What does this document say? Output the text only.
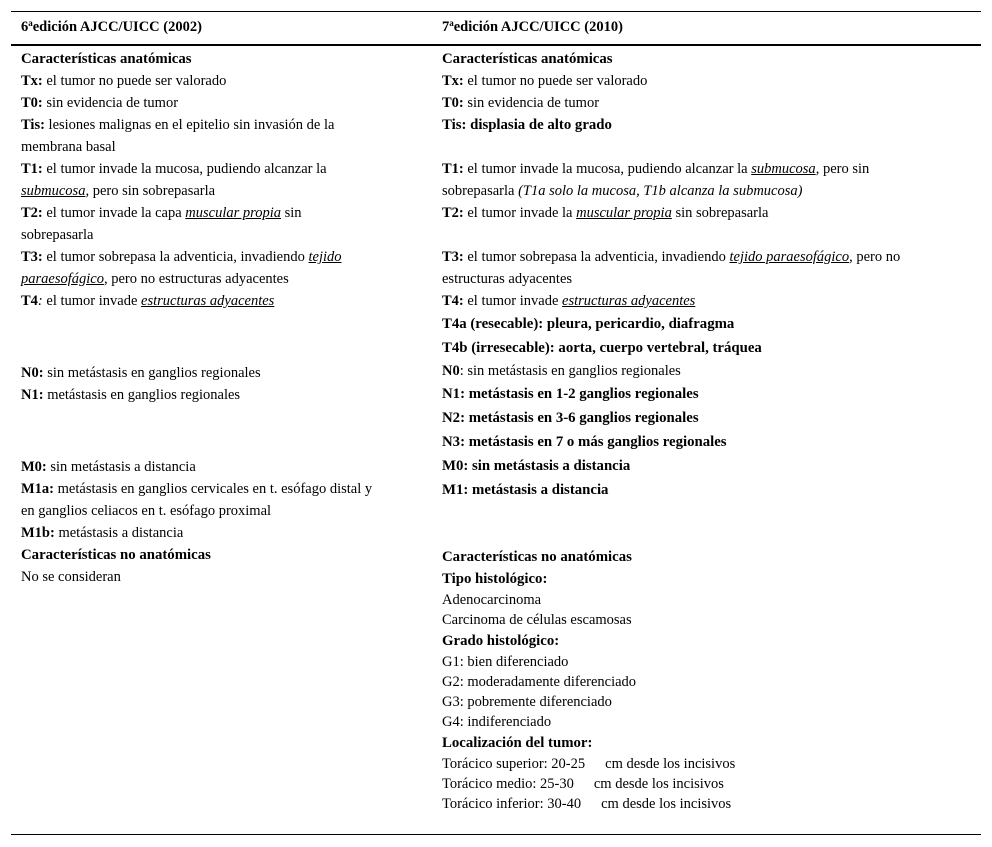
6$^a$edición AJCC/UICC (2002)	7$^a$edición AJCC/UICC (2010)
Características anatómicas
Tx: el tumor no puede ser valorado
T0: sin evidencia de tumor
Tis: lesiones malignas en el epitelio sin invasión de la
membrana basal
T1: el tumor invade la mucosa, pudiendo alcanzar la
submucosa, pero sin sobrepasarla
T2: el tumor invade la capa muscular propia sin
sobrepasarla
T3: el tumor sobrepasa la adventicia, invadiendo tejido
paraesofágico, pero no estructuras adyacentes
T4: el tumor invade estructuras adyacentes
N0: sin metástasis en ganglios regionales
N1: metástasis en ganglios regionales
M0: sin metástasis a distancia
M1a: metástasis en ganglios cervicales en t. esófago distal y
en ganglios celiacos en t. esófago proximal
M1b: metástasis a distancia
Características no anatómicas
No se consideran
Características anatómicas
Tx: el tumor no puede ser valorado
T0: sin evidencia de tumor
Tis: displasia de alto grado
T1: el tumor invade la mucosa, pudiendo alcanzar la submucosa, pero sin
sobrepasarla (T1a solo la mucosa, T1b alcanza la submucosa)
T2: el tumor invade la muscular propia sin sobrepasarla
T3: el tumor sobrepasa la adventicia, invadiendo tejido paraesofágico, pero no
estructuras adyacentes
T4: el tumor invade estructuras adyacentes
T4a (resecable): pleura, pericardio, diafragma
T4b (irresecable): aorta, cuerpo vertebral, tráquea
N0: sin metástasis en ganglios regionales
N1: metástasis en 1-2 ganglios regionales
N2: metástasis en 3-6 ganglios regionales
N3: metástasis en 7 o más ganglios regionales
M0: sin metástasis a distancia
M1: metástasis a distancia
Características no anatómicas
Tipo histológico:
Adenocarcinoma
Carcinoma de células escamosas
Grado histológico:
G1: bien diferenciado
G2: moderadamente diferenciado
G3: pobremente diferenciado
G4: indiferenciado
Localización del tumor:
Torácico superior: 20-25 cm desde los incisivos
Torácico medio: 25-30 cm desde los incisivos
Torácico inferior: 30-40 cm desde los incisivos
